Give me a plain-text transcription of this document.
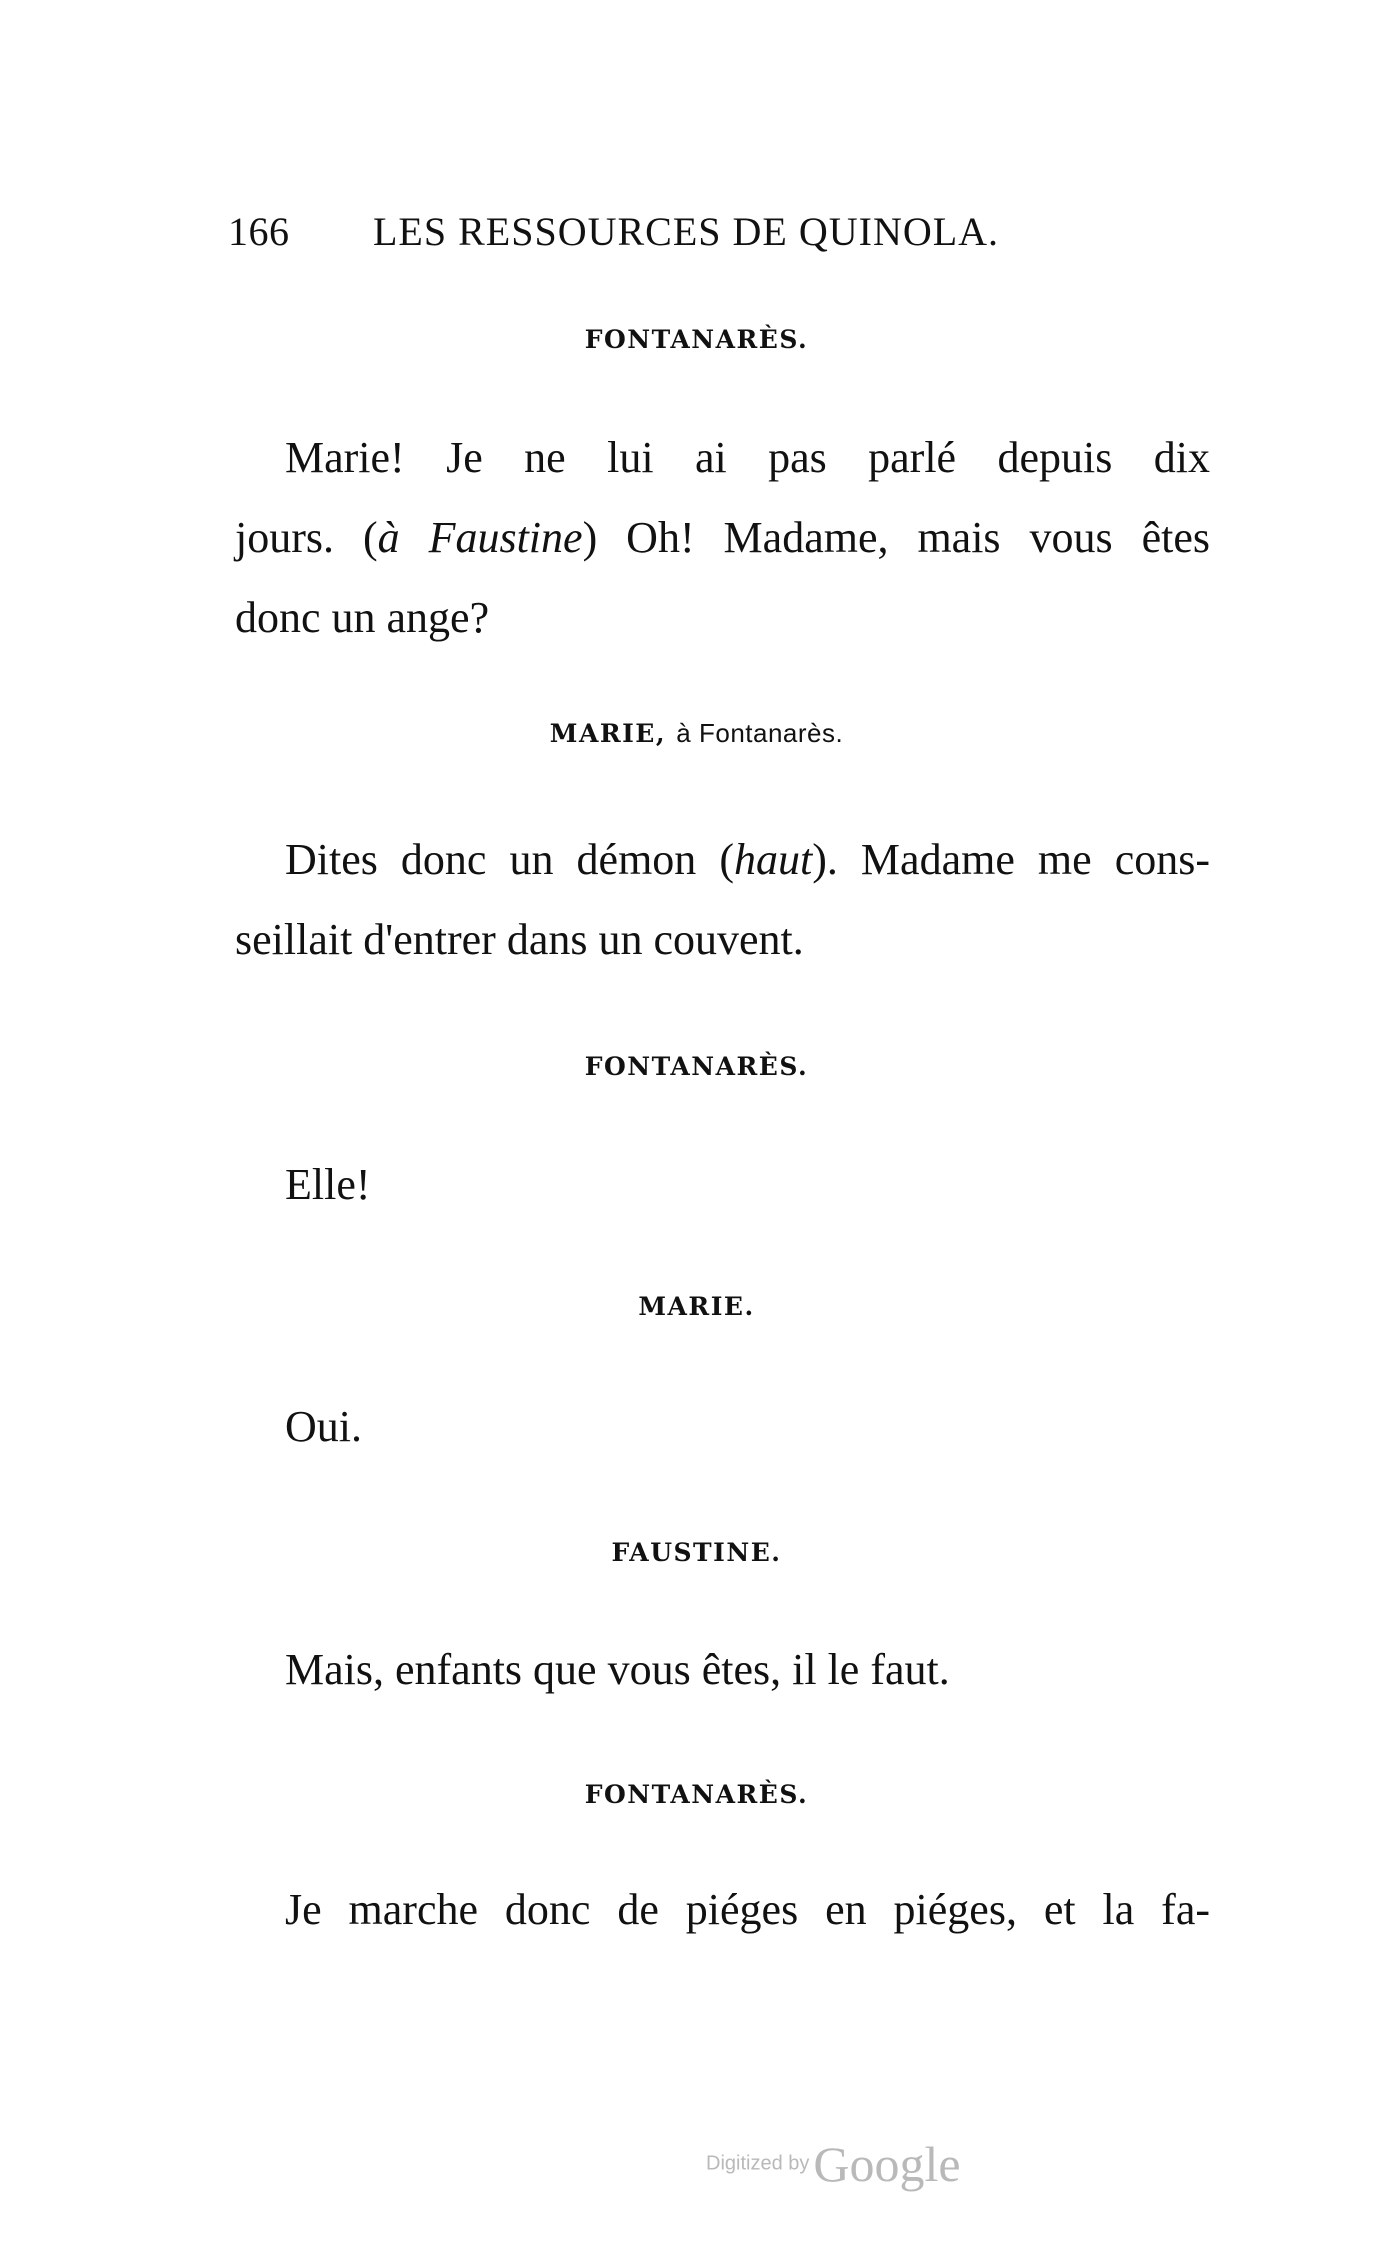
166 LES RESSOURCES DE QUINOLA.
FONTANARÈS.
Marie! Je ne lui ai pas parlé depuis dix
jours. (à Faustine) Oh! Madame, mais vous êtes
donc un ange?
MARIE, à Fontanarès.
Dites donc un démon (haut). Madame me cons-
seillait d'entrer dans un couvent.
FONTANARÈS.
Elle!
MARIE.
Oui.
FAUSTINE.
Mais, enfants que vous êtes, il le faut.
FONTANARÈS.
Je marche donc de piéges en piéges, et la fa-
Digitized byGoogle
